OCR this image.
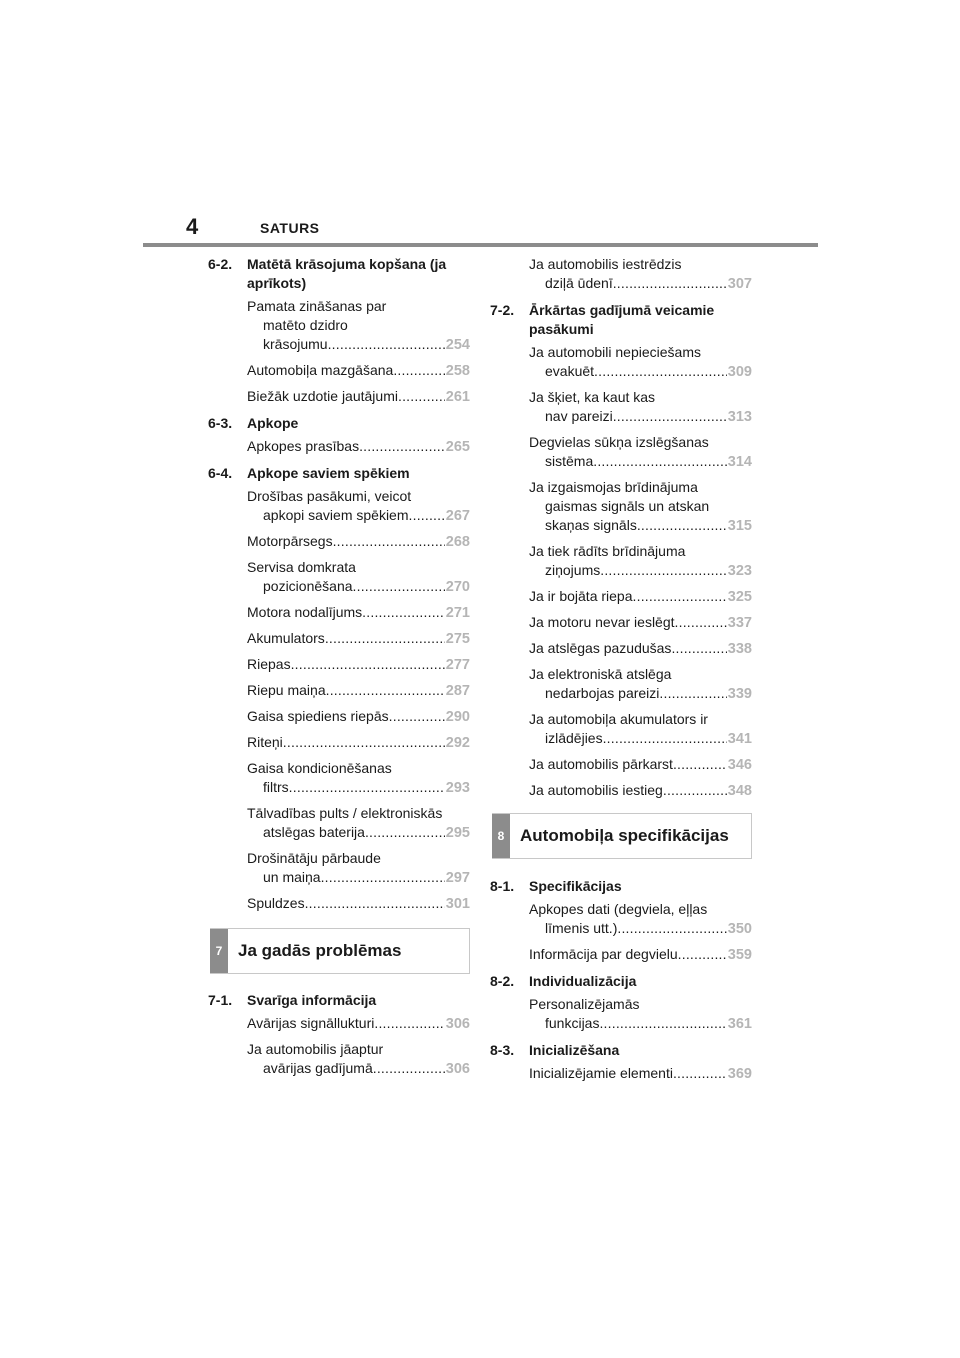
4	SATURS
6-2.	Matētā krāsojuma kopšana (ja aprīkots)
Pamata zināšanas par
matēto dzidro
krāsojumu .....	254
Automobiļa mazgāšana .....	258
Biežāk uzdotie jautājumi .....	261
6-3.	Apkope
Apkopes prasības .....	265
6-4.	Apkope saviem spēkiem
Drošības pasākumi, veicot
apkopi saviem spēkiem .....	267
Motorpārsegs .....	268
Servisa domkrata
pozicionēšana .....	270
Motora nodalījums .....	271
Akumulators .....	275
Riepas .....	277
Riepu maiņa .....	287
Gaisa spiediens riepās .....	290
Riteņi .....	292
Gaisa kondicionēšanas
filtrs .....	293
Tālvadības pults / elektroniskās
atslēgas baterija .....	295
Drošinātāju pārbaude
un maiņa .....	297
Spuldzes .....	301
7 Ja gadās problēmas
7-1.	Svarīga informācija
Avārijas signāllukturi .....	306
Ja automobilis jāaptur
avārijas gadījumā .....	306
Ja automobilis iestrēdzis
dziļā ūdenī .....	307
7-2.	Ārkārtas gadījumā veicamie pasākumi
Ja automobili nepieciešams
evakuēt .....	309
Ja šķiet, ka kaut kas
nav pareizi .....	313
Degvielas sūkņa izslēgšanas
sistēma .....	314
Ja izgaismojas brīdinājuma
gaismas signāls un atskan
skaņas signāls .....	315
Ja tiek rādīts brīdinājuma
ziņojums .....	323
Ja ir bojāta riepa .....	325
Ja motoru nevar ieslēgt .....	337
Ja atslēgas pazudušas .....	338
Ja elektroniskā atslēga
nedarbojas pareizi .....	339
Ja automobiļa akumulators ir
izlādējies .....	341
Ja automobilis pārkarst .....	346
Ja automobilis iestieg .....	348
8 Automobiļa specifikācijas
8-1.	Specifikācijas
Apkopes dati (degviela, eļļas
līmenis utt.) .....	350
Informācija par degvielu .....	359
8-2.	Individualizācija
Personalizējamās
funkcijas .....	361
8-3.	Inicializēšana
Inicializējamie elementi .....	369
